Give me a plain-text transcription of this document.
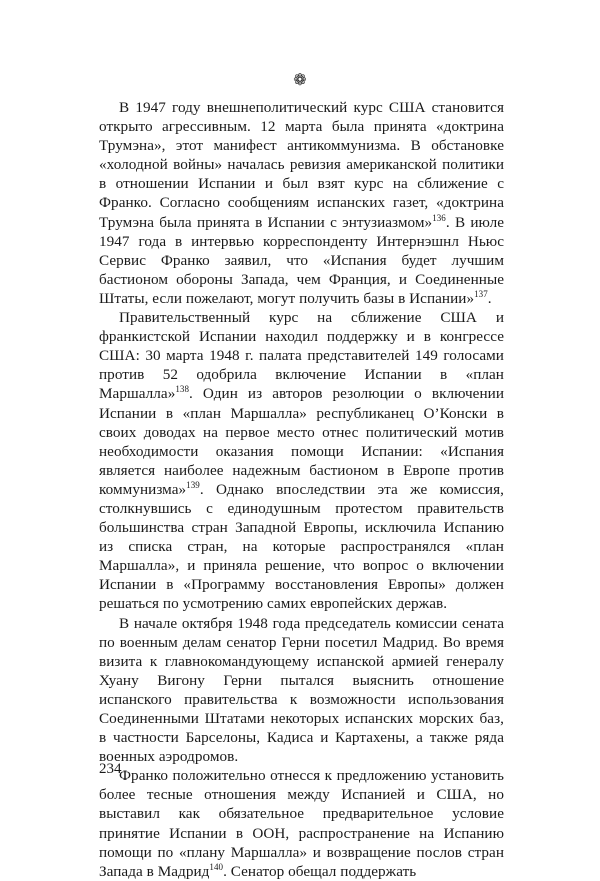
❁

В 1947 году внешнеполитический курс США становится открыто агрессивным. 12 марта была принята «доктрина Трумэна», этот манифест антикоммунизма. В обстановке «холодной войны» началась ревизия американской политики в отношении Испании и был взят курс на сближение с Франко. Согласно сообщениям испанских газет, «доктрина Трумэна была принята в Испании с энтузиазмом»$^{136}$. В июле 1947 года в интервью корреспонденту Интернэшнл Ньюс Сервис Франко заявил, что «Испания будет лучшим бастионом обороны Запада, чем Франция, и Соединенные Штаты, если пожелают, могут получить базы в Испании»$^{137}$.

Правительственный курс на сближение США и франкистской Испании находил поддержку и в конгрессе США: 30 марта 1948 г. палата представителей 149 голосами против 52 одобрила включение Испании в «план Маршалла»$^{138}$. Один из авторов резолюции о включении Испании в «план Маршалла» республиканец О’Конски в своих доводах на первое место отнес политический мотив необходимости оказания помощи Испании: «Испания является наиболее надежным бастионом в Европе против коммунизма»$^{139}$. Однако впоследствии эта же комиссия, столкнувшись с единодушным протестом правительств большинства стран Западной Европы, исключила Испанию из списка стран, на которые распространялся «план Маршалла», и приняла решение, что вопрос о включении Испании в «Программу восстановления Европы» должен решаться по усмотрению самих европейских держав.

В начале октября 1948 года председатель комиссии сената по военным делам сенатор Герни посетил Мадрид. Во время визита к главнокомандующему испанской армией генералу Хуану Вигону Герни пытался выяснить отношение испанского правительства к возможности использования Соединенными Штатами некоторых испанских морских баз, в частности Барселоны, Кадиса и Картахены, а также ряда военных аэродромов.

Франко положительно отнесся к предложению установить более тесные отношения между Испанией и США, но выставил как обязательное предварительное условие принятие Испании в ООН, распространение на Испанию помощи по «плану Маршалла» и возвращение послов стран Запада в Мадрид$^{140}$. Сенатор обещал поддержать

234
